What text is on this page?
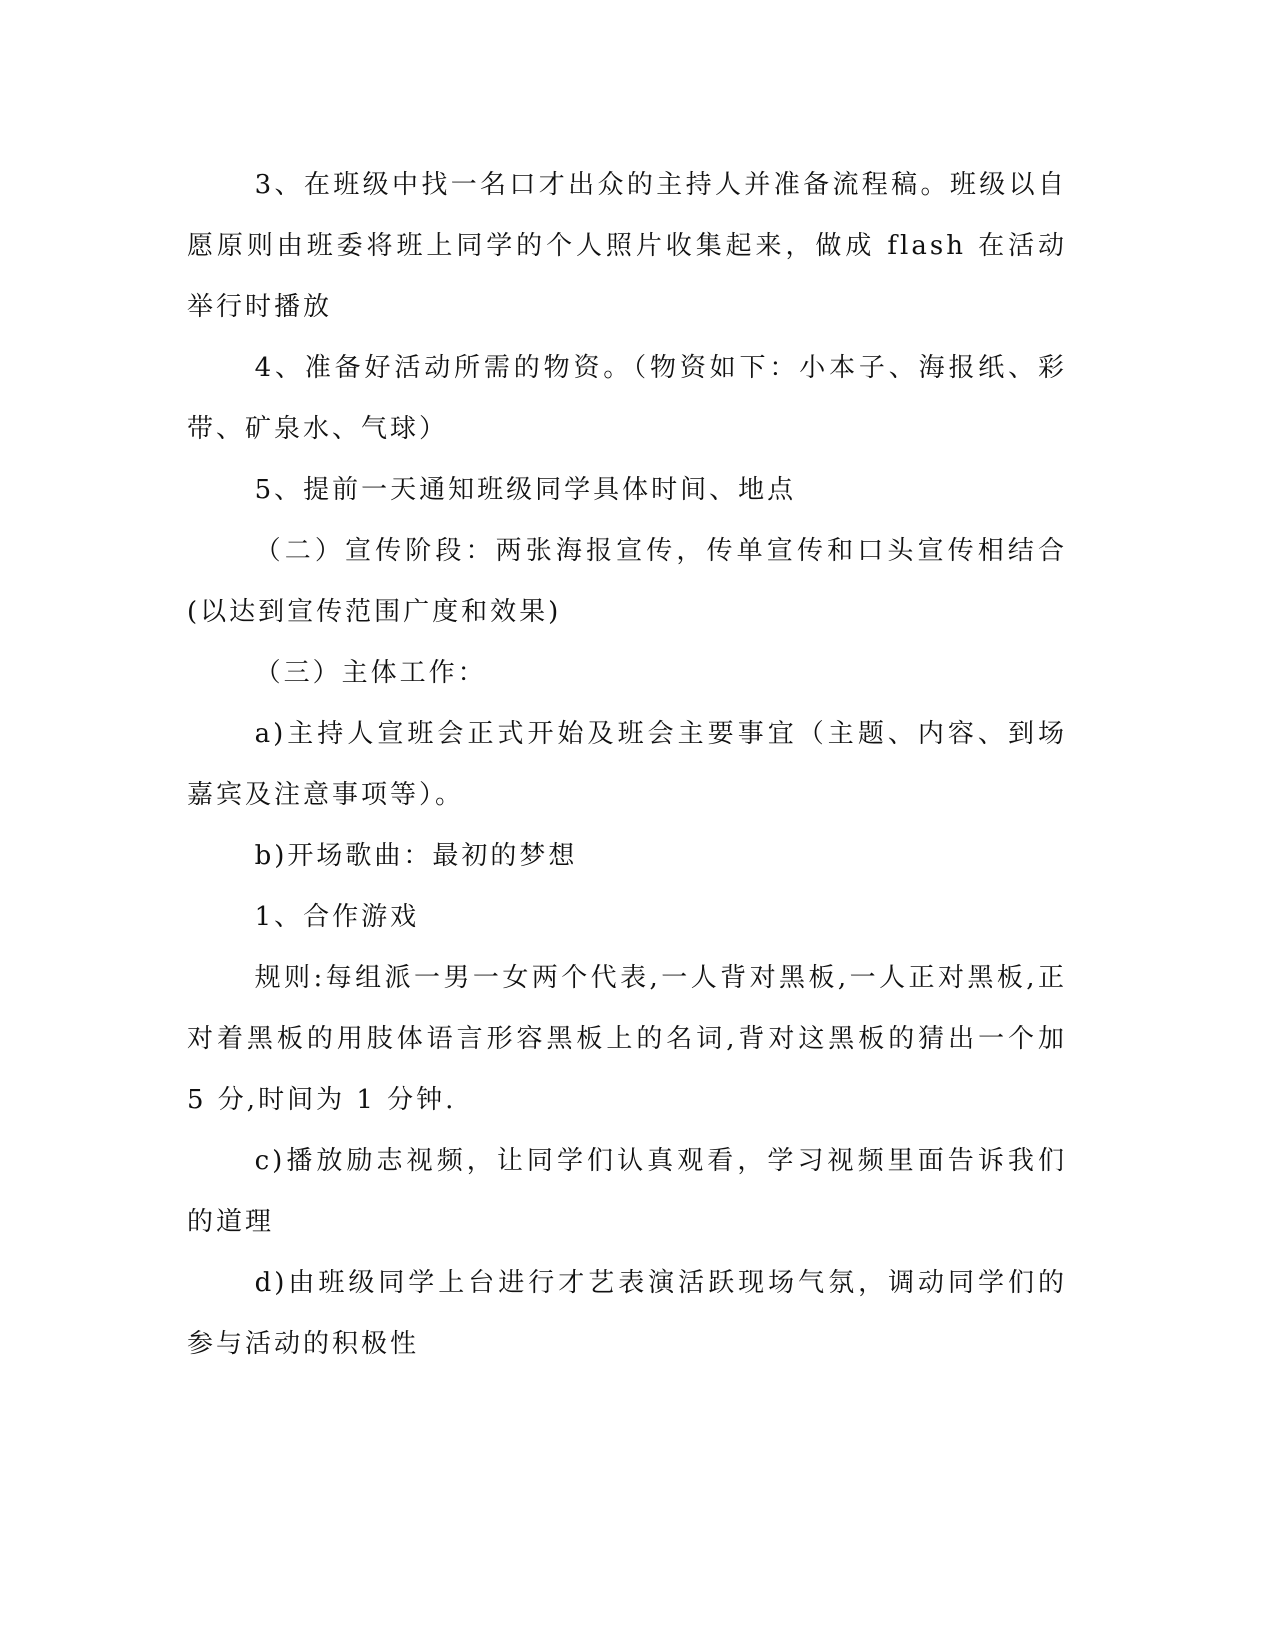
3、在班级中找一名口才出众的主持人并准备流程稿。班级以自愿原则由班委将班上同学的个人照片收集起来，做成 flash 在活动举行时播放

4、准备好活动所需的物资。（物资如下：小本子、海报纸、彩带、矿泉水、气球）

5、提前一天通知班级同学具体时间、地点

（二）宣传阶段：两张海报宣传，传单宣传和口头宣传相结合(以达到宣传范围广度和效果)

（三）主体工作：

a)主持人宣班会正式开始及班会主要事宜（主题、内容、到场嘉宾及注意事项等）。

b)开场歌曲：最初的梦想

1、合作游戏

规则:每组派一男一女两个代表,一人背对黑板,一人正对黑板,正对着黑板的用肢体语言形容黑板上的名词,背对这黑板的猜出一个加 5 分,时间为 1 分钟.

c)播放励志视频，让同学们认真观看，学习视频里面告诉我们的道理

d)由班级同学上台进行才艺表演活跃现场气氛，调动同学们的参与活动的积极性
